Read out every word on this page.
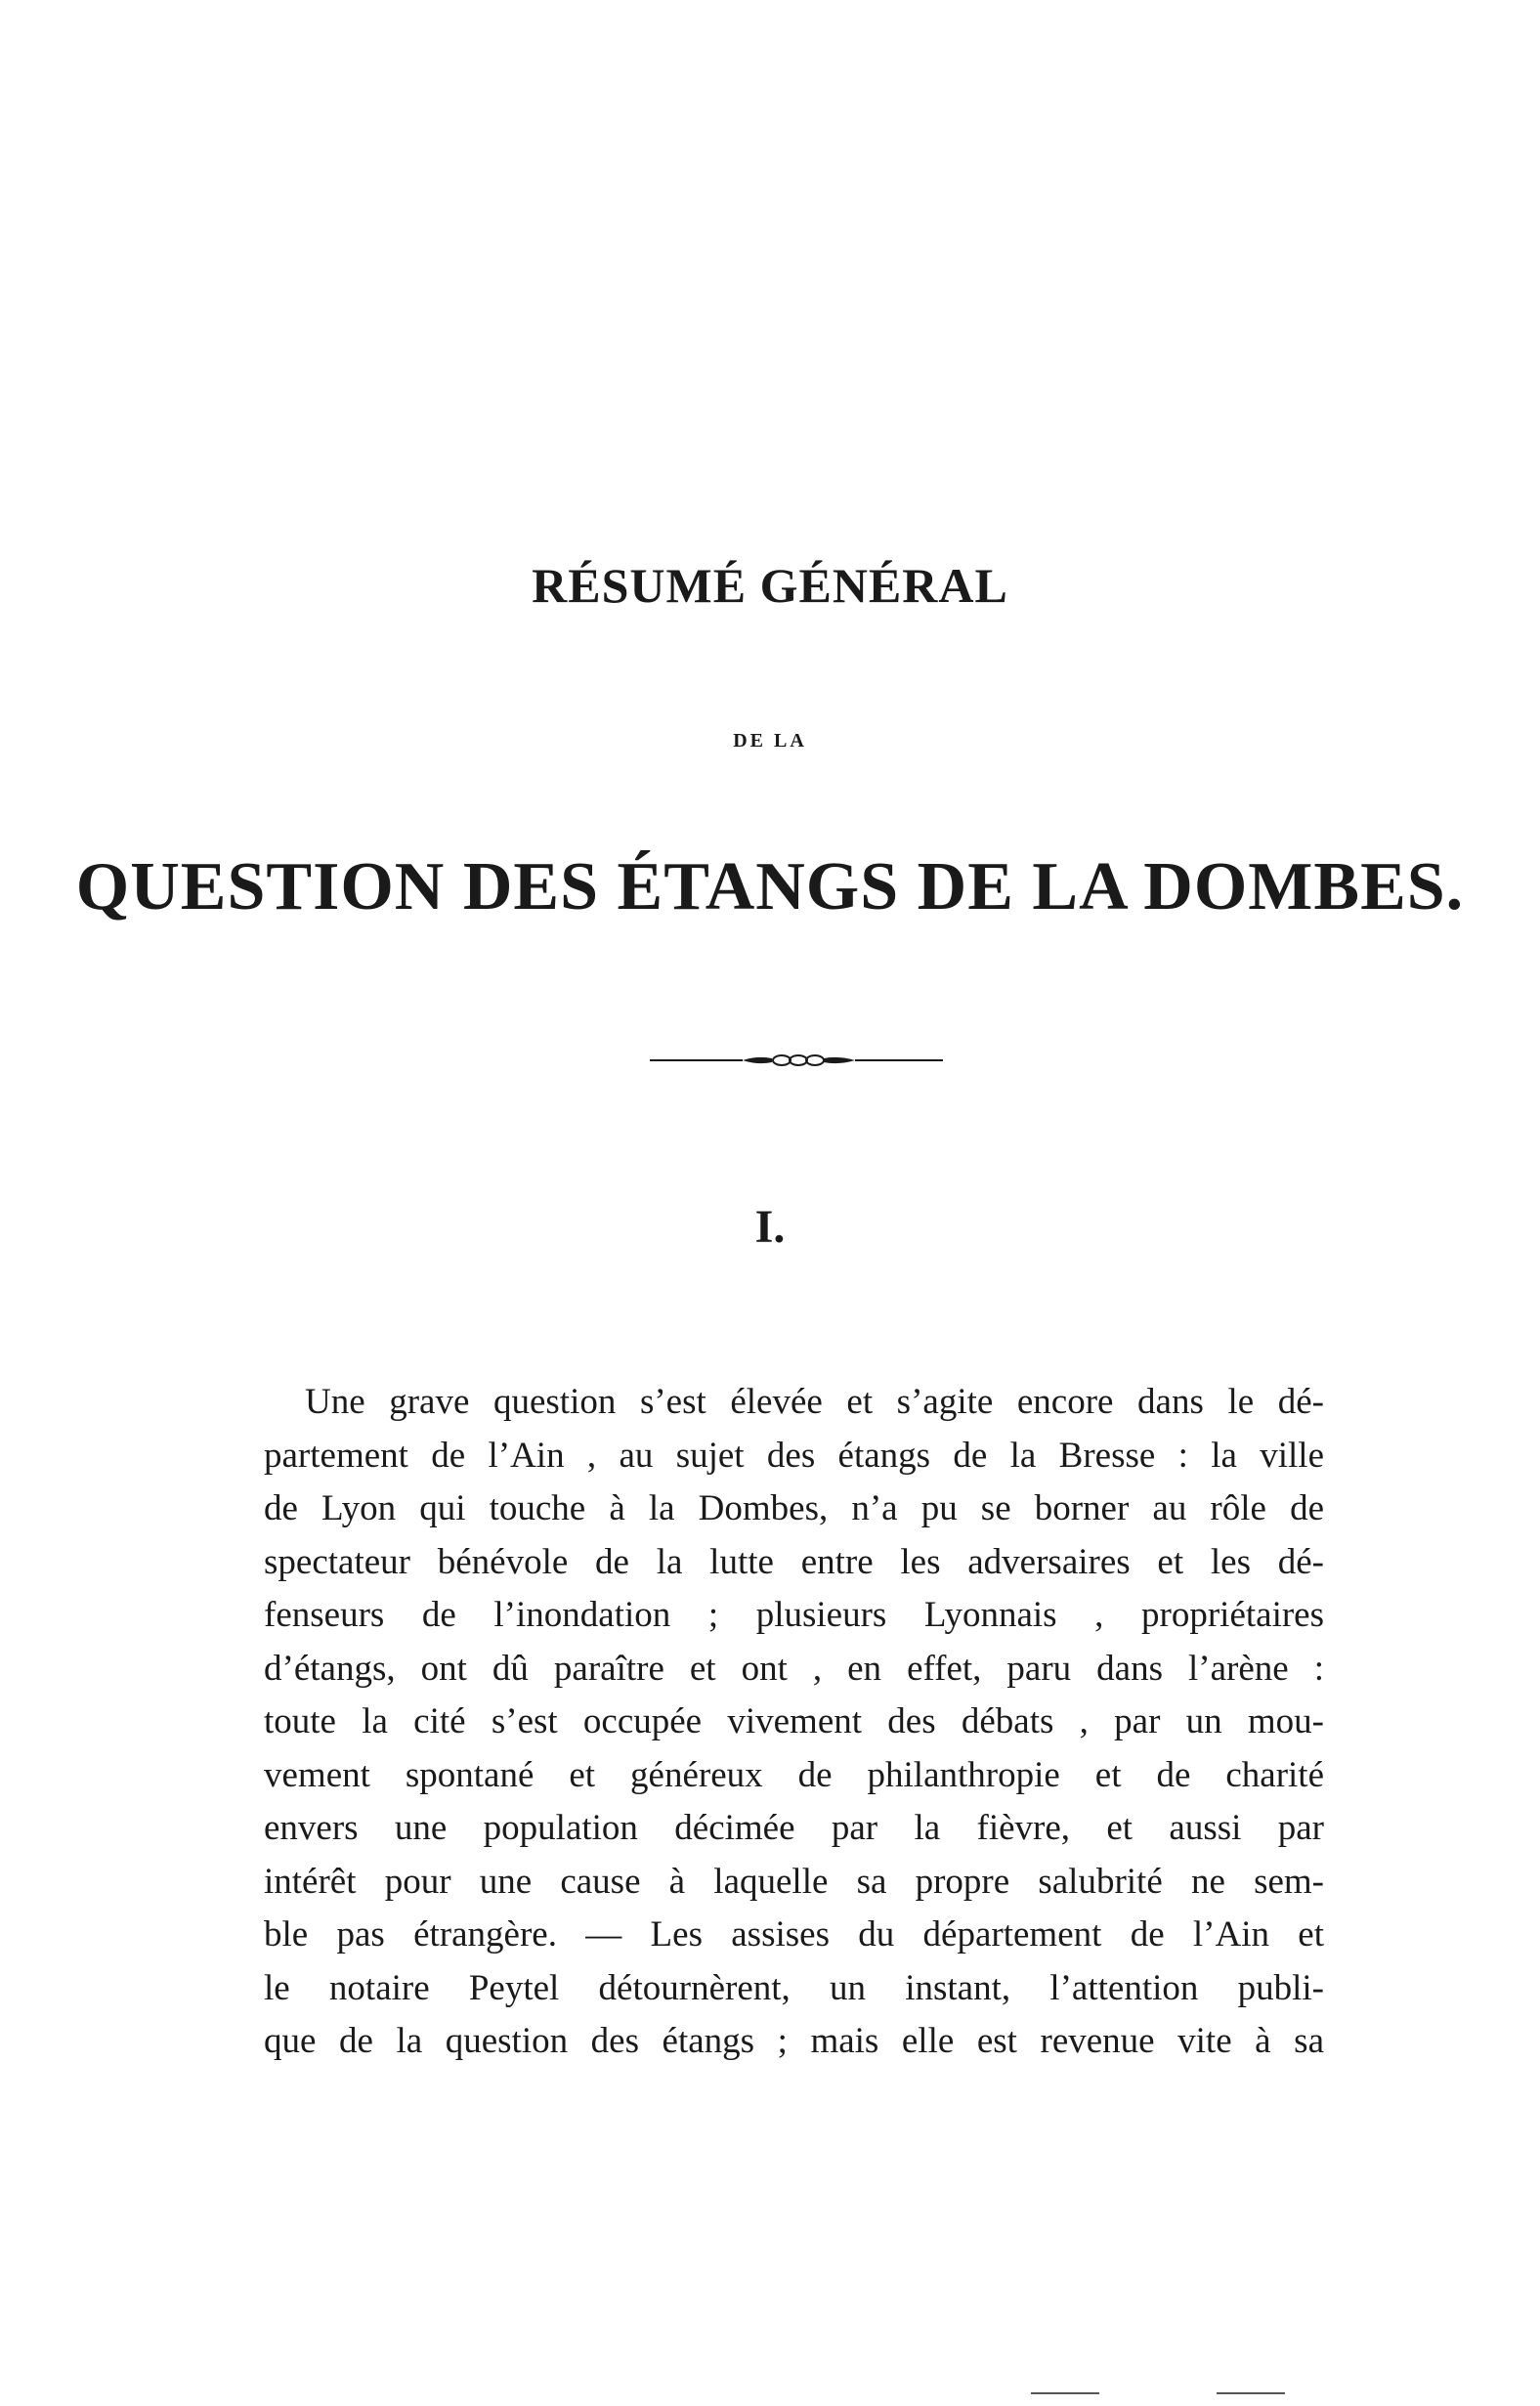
RÉSUMÉ GÉNÉRAL
DE LA
QUESTION DES ÉTANGS DE LA DOMBES.
I.
Une grave question s’est élevée et s’agite encore dans le dé-
partement de l’Ain , au sujet des étangs de la Bresse : la ville
de Lyon qui touche à la Dombes, n’a pu se borner au rôle de
spectateur bénévole de la lutte entre les adversaires et les dé-
fenseurs de l’inondation ; plusieurs Lyonnais , propriétaires
d’étangs, ont dû paraître et ont , en effet, paru dans l’arène :
toute la cité s’est occupée vivement des débats , par un mou-
vement spontané et généreux de philanthropie et de charité
envers une population décimée par la fièvre, et aussi par
intérêt pour une cause à laquelle sa propre salubrité ne sem-
ble pas étrangère. — Les assises du département de l’Ain et
le notaire Peytel détournèrent, un instant, l’attention publi-
que de la question des étangs ; mais elle est revenue vite à sa
